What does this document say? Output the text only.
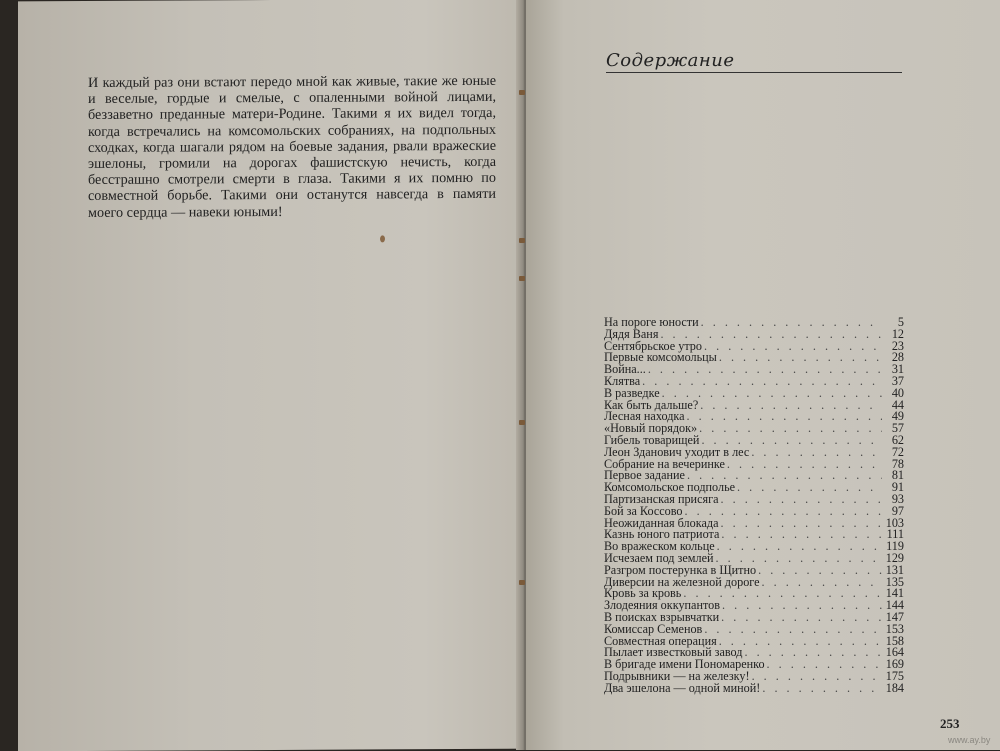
И каждый раз они встают передо мной как живые, такие же юные и веселые, гордые и смелые, с опаленными войной лицами, беззаветно преданные матери-Родине. Такими я их видел тогда, когда встречались на комсомольских собраниях, на подпольных сходках, когда шагали рядом на боевые задания, рвали вражеские эшелоны, громили на дорогах фашистскую нечисть, когда бесстрашно смотрели смерти в глаза. Такими я их помню по совместной борьбе. Такими они останутся навсегда в памяти моего сердца — навеки юными!
Содержание
На пороге юности . . .	5
Дядя Ваня . . .	12
Сентябрьское утро . . .	23
Первые комсомольцы . . .	28
Война... . . .	31
Клятва . . .	37
В разведке . . .	40
Как быть дальше? . . .	44
Лесная находка . . .	49
«Новый порядок» . . .	57
Гибель товарищей . . .	62
Леон Зданович уходит в лес . . .	72
Собрание на вечеринке . . .	78
Первое задание . . .	81
Комсомольское подполье . . .	91
Партизанская присяга . . .	93
Бой за Коссово . . .	97
Неожиданная блокада . . .	103
Казнь юного патриота . . .	111
Во вражеском кольце . . .	119
Исчезаем под землей . . .	129
Разгром постерунка в Щитно . . .	131
Диверсии на железной дороге . . .	135
Кровь за кровь . . .	141
Злодеяния оккупантов . . .	144
В поисках взрывчатки . . .	147
Комиссар Семенов . . .	153
Совместная операция . . .	158
Пылает известковый завод . . .	164
В бригаде имени Пономаренко . . .	169
Подрывники — на железку! . . .	175
Два эшелона — одной миной! . . .	184
253
www.ay.by
